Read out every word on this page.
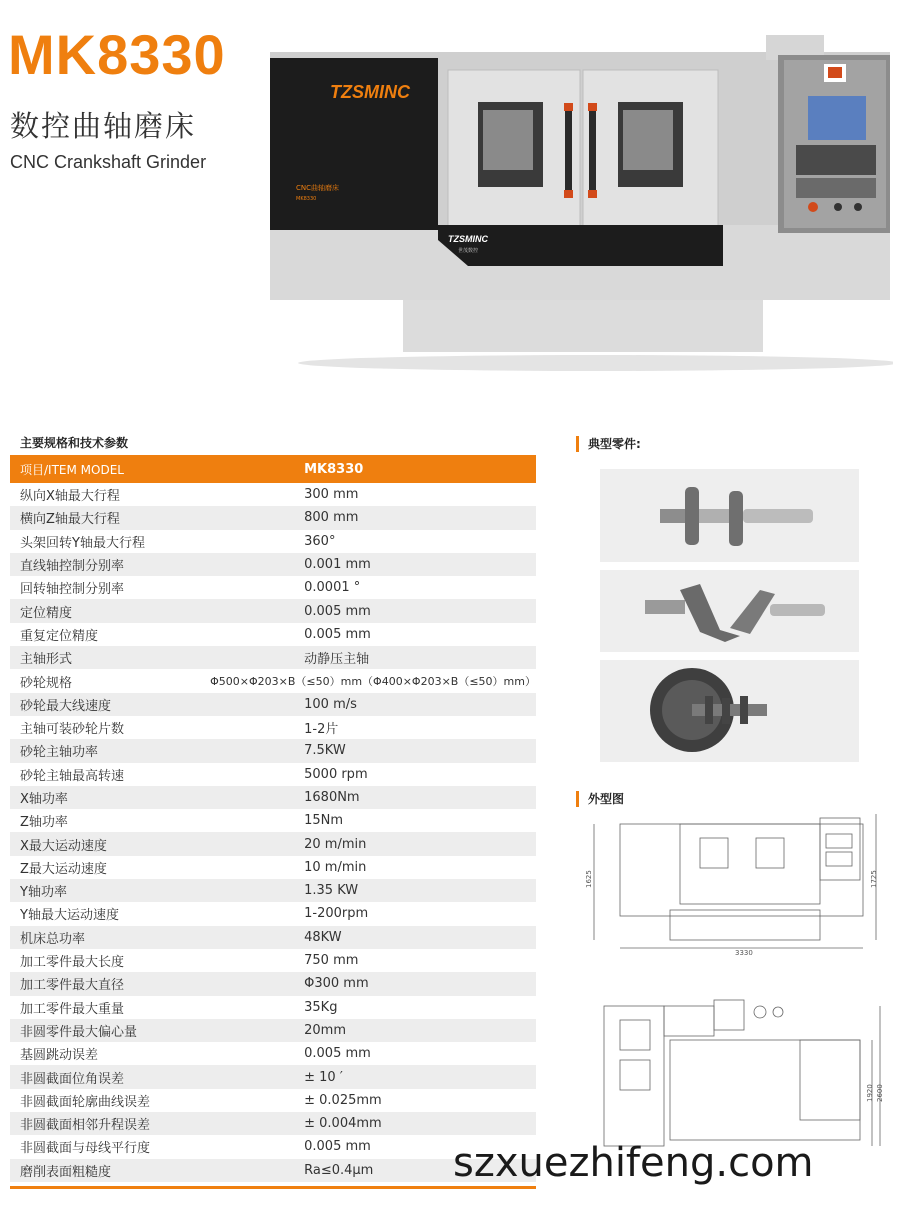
MK8330
数控曲轴磨床
CNC Crankshaft Grinder
TZSMINC
CNC曲轴磨床
MK8330
TZSMINC
世茂数控
主要规格和技术参数
项目/ITEM MODEL	MK8330
纵向X轴最大行程	300 mm
横向Z轴最大行程	800 mm
头架回转Y轴最大行程	360°
直线轴控制分别率	0.001 mm
回转轴控制分别率	0.0001 °
定位精度	0.005 mm
重复定位精度	0.005 mm
主轴形式	动静压主轴
砂轮规格	Φ500×Φ203×B（≤50）mm（Φ400×Φ203×B（≤50）mm）
砂轮最大线速度	100 m/s
主轴可装砂轮片数	1-2片
砂轮主轴功率	7.5KW
砂轮主轴最高转速	5000 rpm
X轴功率	1680Nm
Z轴功率	15Nm
X最大运动速度	20 m/min
Z最大运动速度	10 m/min
Y轴功率	1.35 KW
Y轴最大运动速度	1-200rpm
机床总功率	48KW
加工零件最大长度	750 mm
加工零件最大直径	Φ300 mm
加工零件最大重量	35Kg
非圆零件最大偏心量	20mm
基圆跳动误差	0.005 mm
非圆截面位角误差	± 10 ′
非圆截面轮廓曲线误差	± 0.025mm
非圆截面相邻升程误差	± 0.004mm
非圆截面与母线平行度	0.005 mm
磨削表面粗糙度	Ra≤0.4μm
典型零件:
外型图
1625	1725
3330
1920 2600
szxuezhifeng.com
